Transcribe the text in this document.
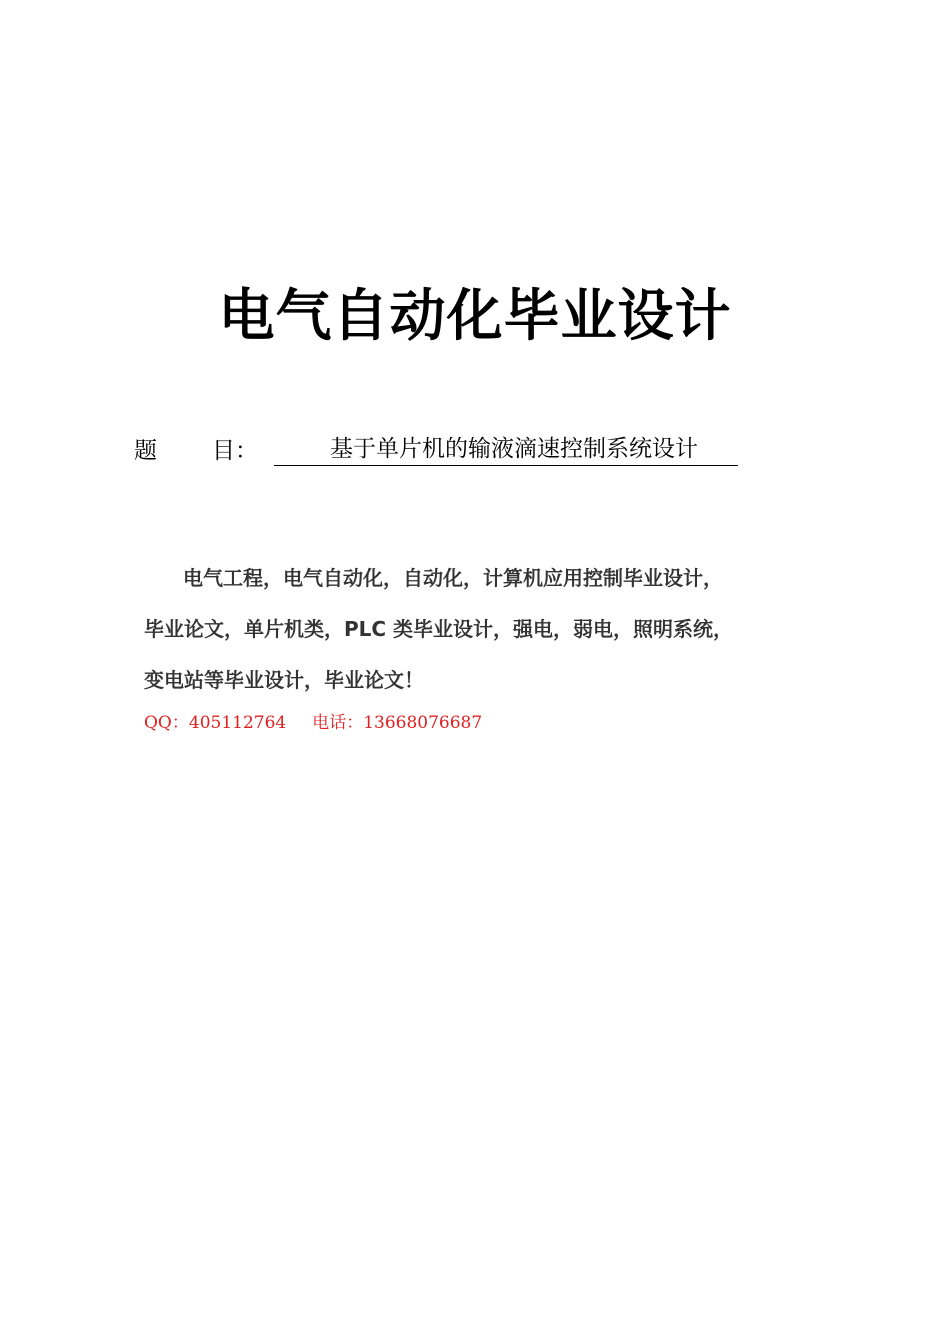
电气自动化毕业设计
题 目：	基于单片机的输液滴速控制系统设计
电气工程，电气自动化，自动化，计算机应用控制毕业设计，
毕业论文，单片机类，PLC 类毕业设计，强电，弱电，照明系统，
变电站等毕业设计，毕业论文！
QQ：405112764 电话：13668076687
